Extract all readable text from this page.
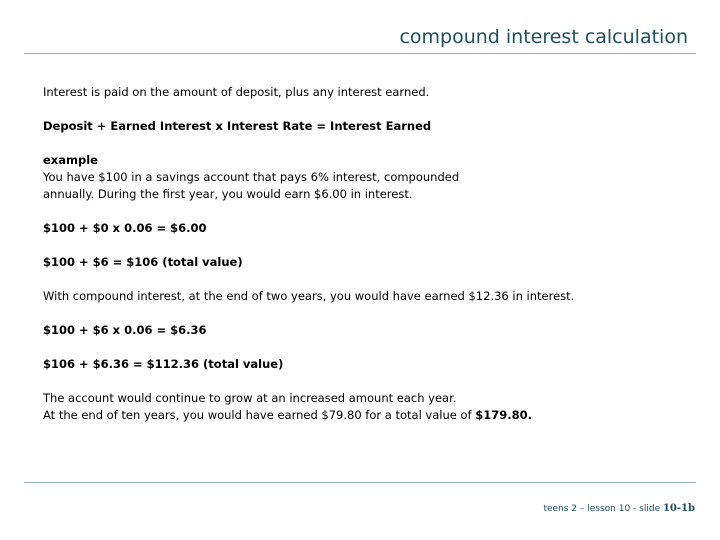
compound interest calculation

Interest is paid on the amount of deposit, plus any interest earned.

Deposit + Earned Interest x Interest Rate = Interest Earned

example

You have $100 in a savings account that pays 6% interest, compounded

annually. During the first year, you would earn $6.00 in interest.

$100 + $0 x 0.06 = $6.00

$100 + $6 = $106 (total value)

With compound interest, at the end of two years, you would have earned $12.36 in interest.

$100 + $6 x 0.06 = $6.36

$106 + $6.36 = $112.36 (total value)

The account would continue to grow at an increased amount each year.

At the end of ten years, you would have earned $79.80 for a total value of $179.80.

teens 2 – lesson 10 - slide 10-1b
